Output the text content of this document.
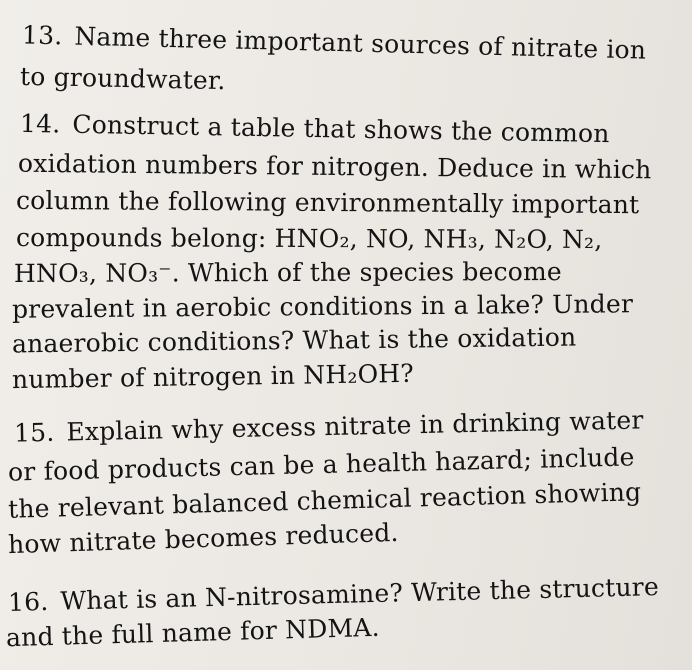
13. Name three important sources of nitrate ion
to groundwater.
14. Construct a table that shows the common
oxidation numbers for nitrogen. Deduce in which
column the following environmentally important
compounds belong: HNO₂, NO, NH₃, N₂O, N₂,
HNO₃, NO₃⁻. Which of the species become
prevalent in aerobic conditions in a lake? Under
anaerobic conditions? What is the oxidation
number of nitrogen in NH₂OH?
15. Explain why excess nitrate in drinking water
or food products can be a health hazard; include
the relevant balanced chemical reaction showing
how nitrate becomes reduced.
16. What is an N-nitrosamine? Write the structure
and the full name for NDMA.
